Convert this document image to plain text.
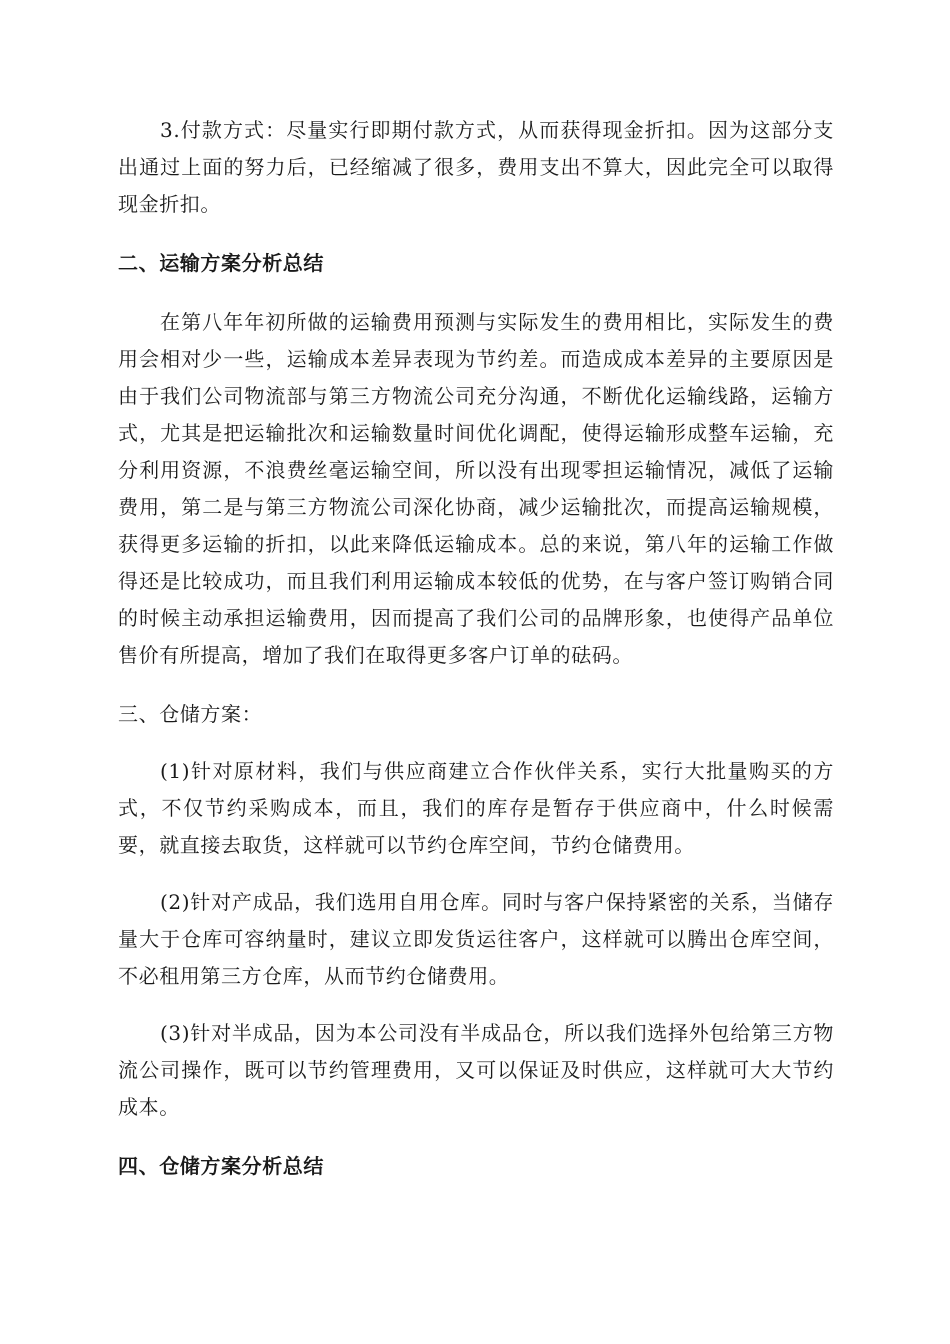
3.付款方式：尽量实行即期付款方式，从而获得现金折扣。因为这部分支出通过上面的努力后，已经缩减了很多，费用支出不算大，因此完全可以取得现金折扣。

二、运输方案分析总结

在第八年年初所做的运输费用预测与实际发生的费用相比，实际发生的费用会相对少一些，运输成本差异表现为节约差。而造成成本差异的主要原因是由于我们公司物流部与第三方物流公司充分沟通，不断优化运输线路，运输方式，尤其是把运输批次和运输数量时间优化调配，使得运输形成整车运输，充分利用资源，不浪费丝毫运输空间，所以没有出现零担运输情况，减低了运输费用，第二是与第三方物流公司深化协商，减少运输批次，而提高运输规模，获得更多运输的折扣，以此来降低运输成本。总的来说，第八年的运输工作做得还是比较成功，而且我们利用运输成本较低的优势，在与客户签订购销合同的时候主动承担运输费用，因而提高了我们公司的品牌形象，也使得产品单位售价有所提高，增加了我们在取得更多客户订单的砝码。

三、仓储方案：

(1)针对原材料，我们与供应商建立合作伙伴关系，实行大批量购买的方式，不仅节约采购成本，而且，我们的库存是暂存于供应商中，什么时候需要，就直接去取货，这样就可以节约仓库空间，节约仓储费用。

(2)针对产成品，我们选用自用仓库。同时与客户保持紧密的关系，当储存量大于仓库可容纳量时，建议立即发货运往客户，这样就可以腾出仓库空间，不必租用第三方仓库，从而节约仓储费用。

(3)针对半成品，因为本公司没有半成品仓，所以我们选择外包给第三方物流公司操作，既可以节约管理费用，又可以保证及时供应，这样就可大大节约成本。

四、仓储方案分析总结
